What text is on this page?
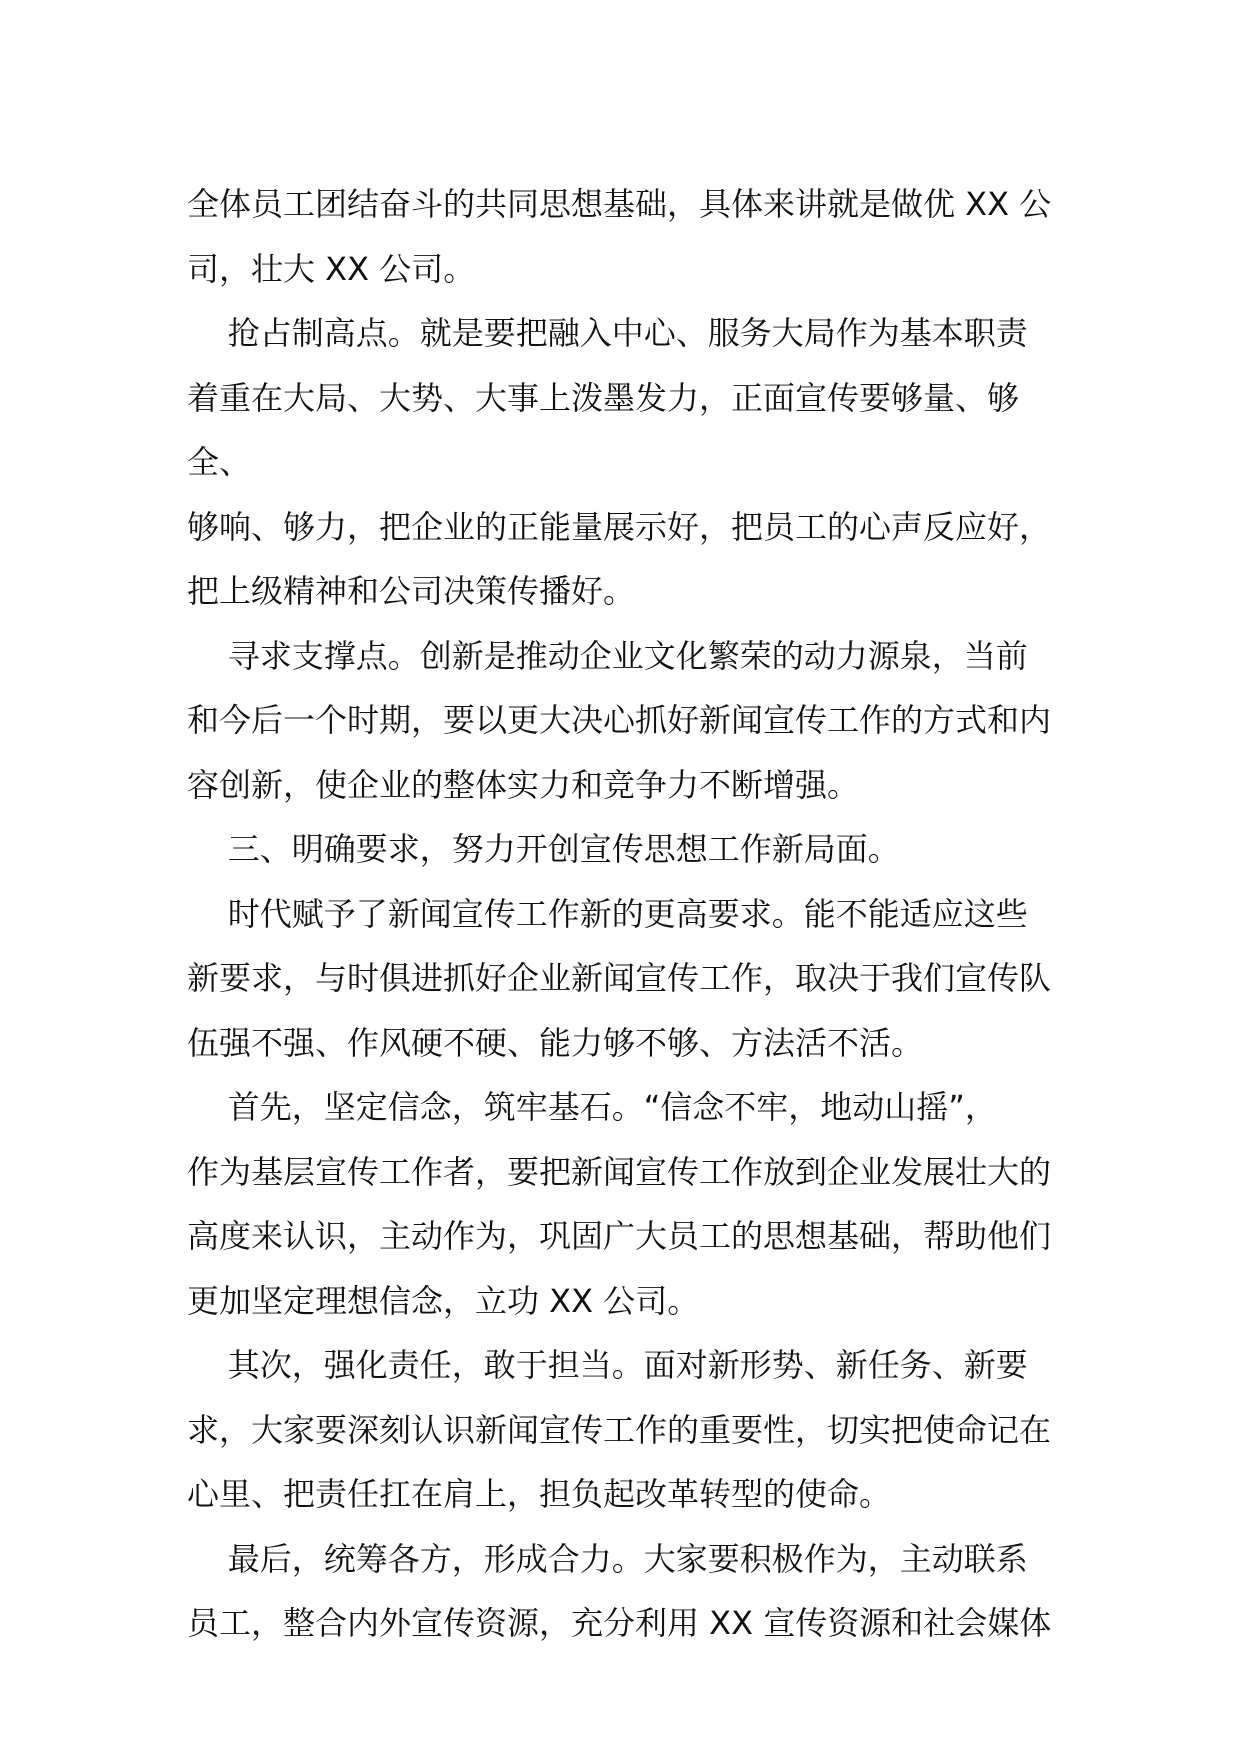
全体员工团结奋斗的共同思想基础，具体来讲就是做优 XX 公

司，壮大 XX 公司。

抢占制高点。就是要把融入中心、服务大局作为基本职责

着重在大局、大势、大事上泼墨发力，正面宣传要够量、够全、

够响、够力，把企业的正能量展示好，把员工的心声反应好，

把上级精神和公司决策传播好。

寻求支撑点。创新是推动企业文化繁荣的动力源泉，当前

和今后一个时期，要以更大决心抓好新闻宣传工作的方式和内

容创新，使企业的整体实力和竞争力不断增强。

三、明确要求，努力开创宣传思想工作新局面。

时代赋予了新闻宣传工作新的更高要求。能不能适应这些

新要求，与时俱进抓好企业新闻宣传工作，取决于我们宣传队

伍强不强、作风硬不硬、能力够不够、方法活不活。

首先，坚定信念，筑牢基石。“信念不牢，地动山摇”，

作为基层宣传工作者，要把新闻宣传工作放到企业发展壮大的

高度来认识，主动作为，巩固广大员工的思想基础，帮助他们

更加坚定理想信念，立功 XX 公司。

其次，强化责任，敢于担当。面对新形势、新任务、新要

求，大家要深刻认识新闻宣传工作的重要性，切实把使命记在

心里、把责任扛在肩上，担负起改革转型的使命。

最后，统筹各方，形成合力。大家要积极作为，主动联系

员工，整合内外宣传资源，充分利用 XX 宣传资源和社会媒体
